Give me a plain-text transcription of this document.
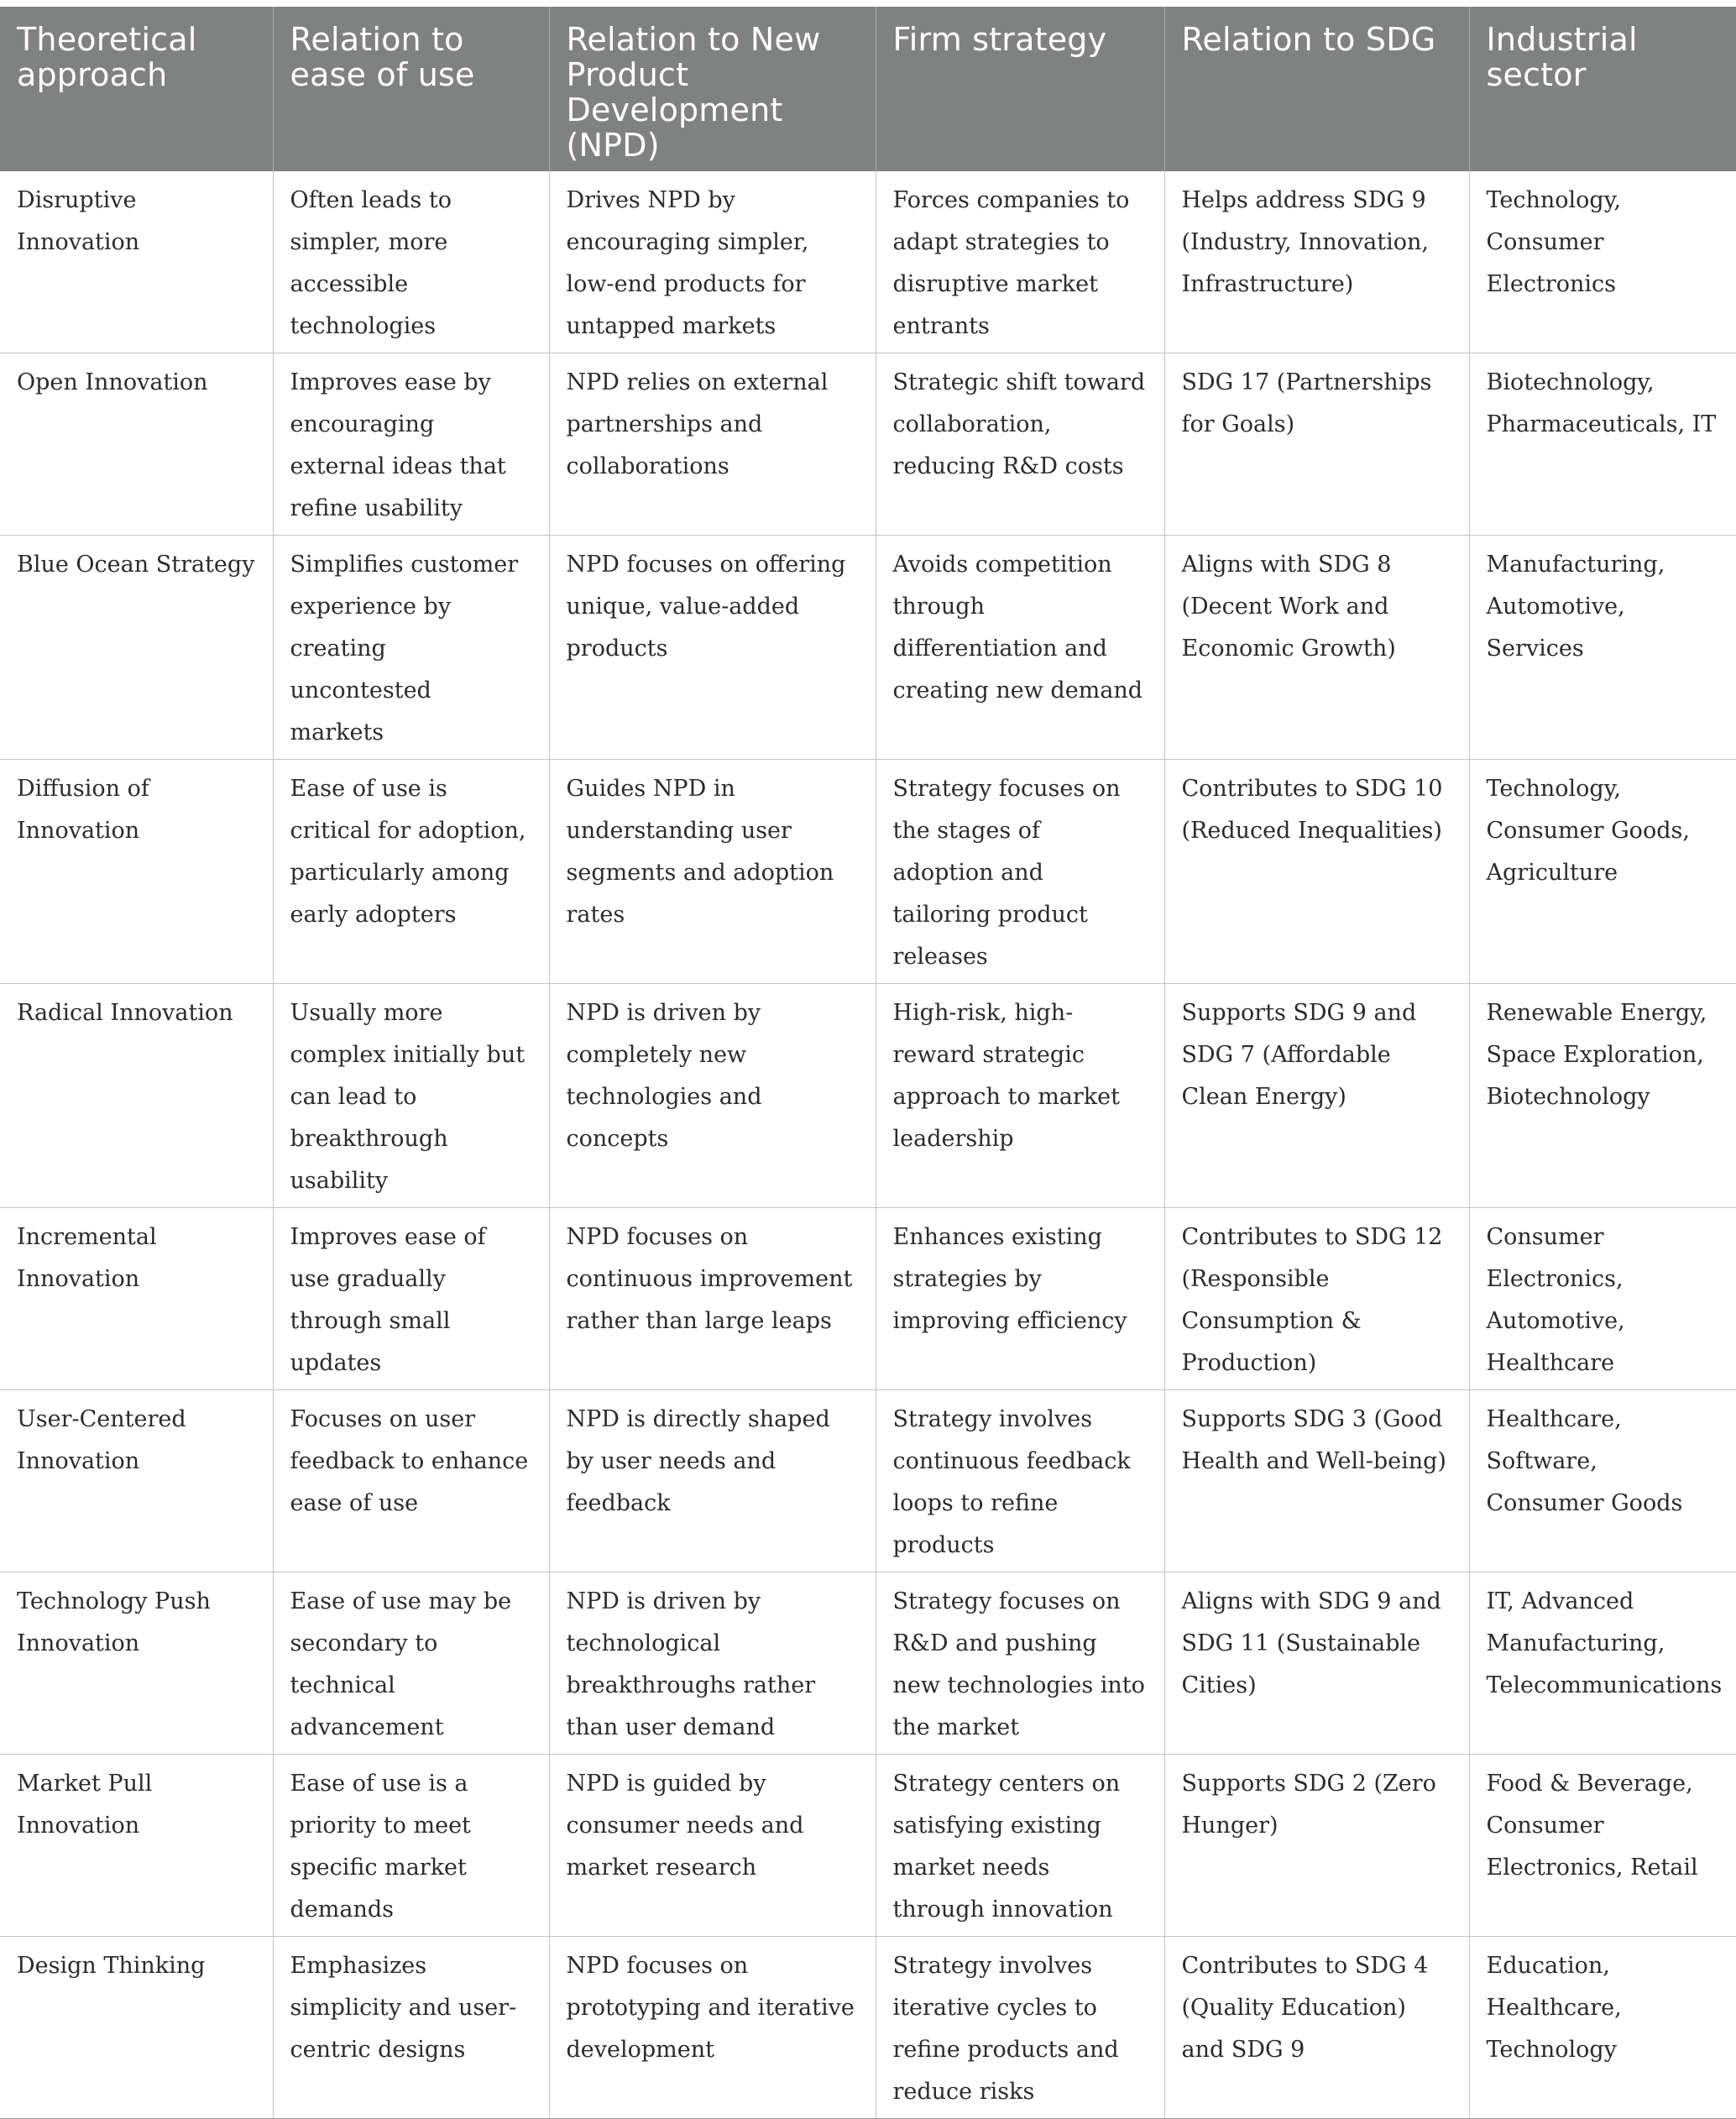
Theoretical approach	Relation to ease of use	Relation to New Product Development (NPD)	Firm strategy	Relation to SDG	Industrial sector
Disruptive Innovation	Often leads to simpler, more accessible technologies	Drives NPD by encouraging simpler, low-end products for untapped markets	Forces companies to adapt strategies to disruptive market entrants	Helps address SDG 9 (Industry, Innovation, Infrastructure)	Technology, Consumer Electronics
Open Innovation	Improves ease by encouraging external ideas that refine usability	NPD relies on external partnerships and collaborations	Strategic shift toward collaboration, reducing R&D costs	SDG 17 (Partnerships for Goals)	Biotechnology, Pharmaceuticals, IT
Blue Ocean Strategy	Simplifies customer experience by creating uncontested markets	NPD focuses on offering unique, value-added products	Avoids competition through differentiation and creating new demand	Aligns with SDG 8 (Decent Work and Economic Growth)	Manufacturing, Automotive, Services
Diffusion of Innovation	Ease of use is critical for adoption, particularly among early adopters	Guides NPD in understanding user segments and adoption rates	Strategy focuses on the stages of adoption and tailoring product releases	Contributes to SDG 10 (Reduced Inequalities)	Technology, Consumer Goods, Agriculture
Radical Innovation	Usually more complex initially but can lead to breakthrough usability	NPD is driven by completely new technologies and concepts	High-risk, high-reward strategic approach to market leadership	Supports SDG 9 and SDG 7 (Affordable Clean Energy)	Renewable Energy, Space Exploration, Biotechnology
Incremental Innovation	Improves ease of use gradually through small updates	NPD focuses on continuous improvement rather than large leaps	Enhances existing strategies by improving efficiency	Contributes to SDG 12 (Responsible Consumption & Production)	Consumer Electronics, Automotive, Healthcare
User-Centered Innovation	Focuses on user feedback to enhance ease of use	NPD is directly shaped by user needs and feedback	Strategy involves continuous feedback loops to refine products	Supports SDG 3 (Good Health and Well-being)	Healthcare, Software, Consumer Goods
Technology Push Innovation	Ease of use may be secondary to technical advancement	NPD is driven by technological breakthroughs rather than user demand	Strategy focuses on R&D and pushing new technologies into the market	Aligns with SDG 9 and SDG 11 (Sustainable Cities)	IT, Advanced Manufacturing, Telecommunications
Market Pull Innovation	Ease of use is a priority to meet specific market demands	NPD is guided by consumer needs and market research	Strategy centers on satisfying existing market needs through innovation	Supports SDG 2 (Zero Hunger)	Food & Beverage, Consumer Electronics, Retail
Design Thinking	Emphasizes simplicity and user-centric designs	NPD focuses on prototyping and iterative development	Strategy involves iterative cycles to refine products and reduce risks	Contributes to SDG 4 (Quality Education) and SDG 9	Education, Healthcare, Technology
